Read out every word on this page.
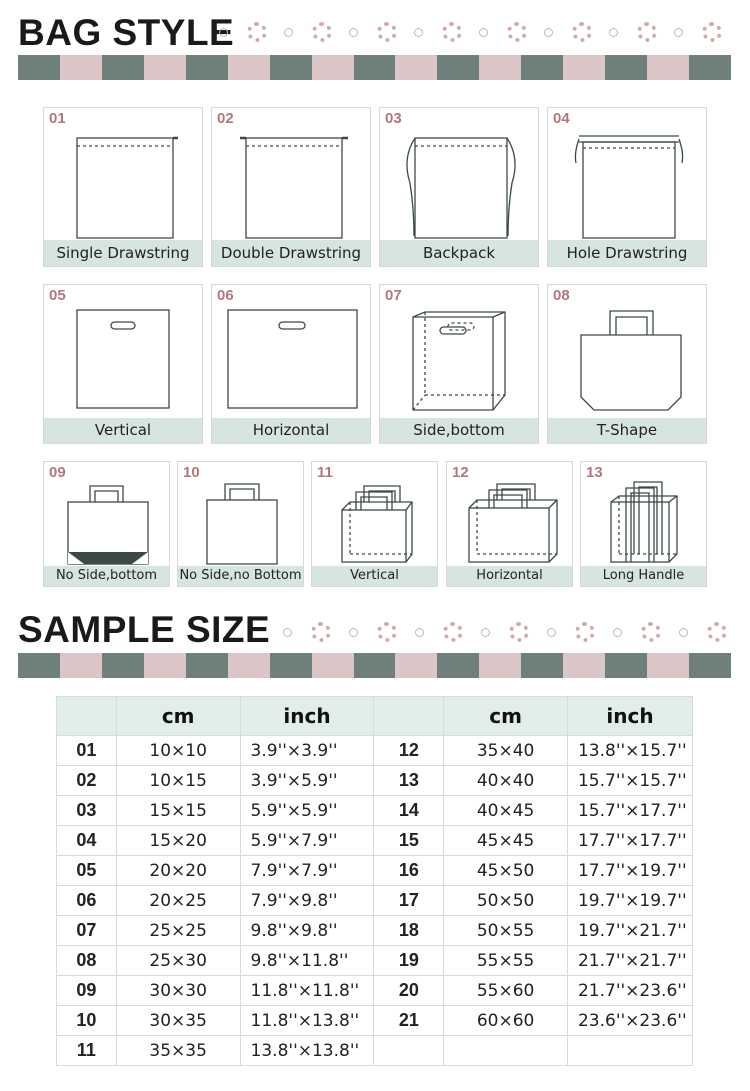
BAG STYLE
01
Single Drawstring
02
Double Drawstring
03
Backpack
04
Hole Drawstring
05
Vertical
06
Horizontal
07
Side,bottom
08
T-Shape
09
No Side,bottom
10
No Side,no Bottom
11
Vertical
12
Horizontal
13
Long Handle
SAMPLE SIZE
	cm	inch		cm	inch
01	10×10	3.9''×3.9''	12	35×40	13.8''×15.7''
02	10×15	3.9''×5.9''	13	40×40	15.7''×15.7''
03	15×15	5.9''×5.9''	14	40×45	15.7''×17.7''
04	15×20	5.9''×7.9''	15	45×45	17.7''×17.7''
05	20×20	7.9''×7.9''	16	45×50	17.7''×19.7''
06	20×25	7.9''×9.8''	17	50×50	19.7''×19.7''
07	25×25	9.8''×9.8''	18	50×55	19.7''×21.7''
08	25×30	9.8''×11.8''	19	55×55	21.7''×21.7''
09	30×30	11.8''×11.8''	20	55×60	21.7''×23.6''
10	30×35	11.8''×13.8''	21	60×60	23.6''×23.6''
11	35×35	13.8''×13.8''			
